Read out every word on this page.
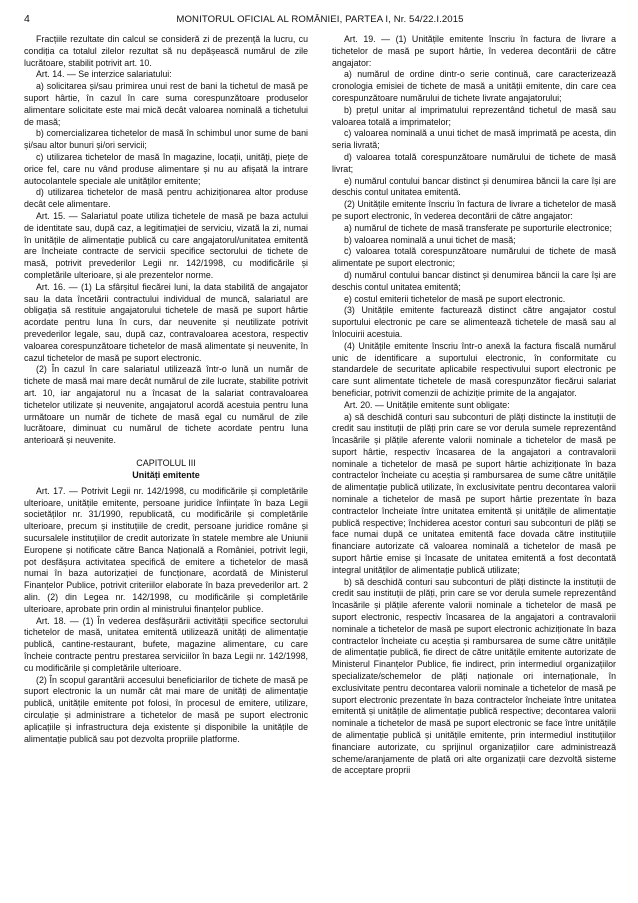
4	MONITORUL OFICIAL AL ROMÂNIEI, PARTEA I, Nr. 54/22.I.2015

Fracțiile rezultate din calcul se consideră zi de prezență la lucru, cu condiția ca totalul zilelor rezultat să nu depășească numărul de zile lucrătoare, stabilit potrivit art. 10.

Art. 14. — Se interzice salariatului:

a) solicitarea și/sau primirea unui rest de bani la tichetul de masă pe suport hârtie, în cazul în care suma corespunzătoare produselor alimentare solicitate este mai mică decât valoarea nominală a tichetului de masă;

b) comercializarea tichetelor de masă în schimbul unor sume de bani și/sau altor bunuri și/ori servicii;

c) utilizarea tichetelor de masă în magazine, locații, unități, piețe de orice fel, care nu vând produse alimentare și nu au afișată la intrare autocolantele speciale ale unităților emitente;

d) utilizarea tichetelor de masă pentru achiziționarea altor produse decât cele alimentare.

Art. 15. — Salariatul poate utiliza tichetele de masă pe baza actului de identitate sau, după caz, a legitimației de serviciu, vizată la zi, numai în unitățile de alimentație publică cu care angajatorul/unitatea emitentă are încheiate contracte de servicii specifice sectorului de tichete de masă, potrivit prevederilor Legii nr. 142/1998, cu modificările și completările ulterioare, și ale prezentelor norme.

Art. 16. — (1) La sfârșitul fiecărei luni, la data stabilită de angajator sau la data încetării contractului individual de muncă, salariatul are obligația să restituie angajatorului tichetele de masă pe suport hârtie acordate pentru luna în curs, dar neuvenite și neutilizate potrivit prevederilor legale, sau, după caz, contravaloarea acestora, respectiv valoarea corespunzătoare tichetelor de masă alimentate și neuvenite, în cazul tichetelor de masă pe suport electronic.

(2) În cazul în care salariatul utilizează într-o lună un număr de tichete de masă mai mare decât numărul de zile lucrate, stabilite potrivit art. 10, iar angajatorul nu a încasat de la salariat contravaloarea tichetelor utilizate și neuvenite, angajatorul acordă acestuia pentru luna următoare un număr de tichete de masă egal cu numărul de zile lucrătoare, diminuat cu numărul de tichete acordate pentru luna anterioară și neuvenite.

CAPITOLUL III
Unități emitente

Art. 17. — Potrivit Legii nr. 142/1998, cu modificările și completările ulterioare, unitățile emitente, persoane juridice înființate în baza Legii societăților nr. 31/1990, republicată, cu modificările și completările ulterioare, precum și instituțiile de credit, persoane juridice române și sucursalele instituțiilor de credit autorizate în statele membre ale Uniunii Europene și notificate către Banca Națională a României, potrivit legii, pot desfășura activitatea specifică de emitere a tichetelor de masă numai în baza autorizației de funcționare, acordată de Ministerul Finanțelor Publice, potrivit criteriilor elaborate în baza prevederilor art. 2 alin. (2) din Legea nr. 142/1998, cu modificările și completările ulterioare, aprobate prin ordin al ministrului finanțelor publice.

Art. 18. — (1) În vederea desfășurării activității specifice sectorului tichetelor de masă, unitatea emitentă utilizează unități de alimentație publică, cantine-restaurant, bufete, magazine alimentare, cu care încheie contracte pentru prestarea serviciilor în baza Legii nr. 142/1998, cu modificările și completările ulterioare.

(2) În scopul garantării accesului beneficiarilor de tichete de masă pe suport electronic la un număr cât mai mare de unități de alimentație publică, unitățile emitente pot folosi, în procesul de emitere, utilizare, circulație și administrare a tichetelor de masă pe suport electronic aplicațiile și infrastructura deja existente și disponibile la unitățile de alimentație publică sau pot dezvolta propriile platforme.

Art. 19. — (1) Unitățile emitente înscriu în factura de livrare a tichetelor de masă pe suport hârtie, în vederea decontării de către angajator:

a) numărul de ordine dintr-o serie continuă, care caracterizează cronologia emisiei de tichete de masă a unității emitente, din care cea corespunzătoare numărului de tichete livrate angajatorului;

b) prețul unitar al imprimatului reprezentând tichetul de masă sau valoarea totală a imprimatelor;

c) valoarea nominală a unui tichet de masă imprimată pe acesta, din seria livrată;

d) valoarea totală corespunzătoare numărului de tichete de masă livrat;

e) numărul contului bancar distinct și denumirea băncii la care își are deschis contul unitatea emitentă.

(2) Unitățile emitente înscriu în factura de livrare a tichetelor de masă pe suport electronic, în vederea decontării de către angajator:

a) numărul de tichete de masă transferate pe suporturile electronice;

b) valoarea nominală a unui tichet de masă;

c) valoarea totală corespunzătoare numărului de tichete de masă alimentate pe suport electronic;

d) numărul contului bancar distinct și denumirea băncii la care își are deschis contul unitatea emitentă;

e) costul emiterii tichetelor de masă pe suport electronic.

(3) Unitățile emitente facturează distinct către angajator costul suportului electronic pe care se alimentează tichetele de masă sau al înlocuirii acestuia.

(4) Unitățile emitente înscriu într-o anexă la factura fiscală numărul unic de identificare a suportului electronic, în conformitate cu standardele de securitate aplicabile respectivului suport electronic pe care sunt alimentate tichetele de masă corespunzător fiecărui salariat beneficiar, potrivit comenzii de achiziție primite de la angajator.

Art. 20. — Unitățile emitente sunt obligate:

a) să deschidă conturi sau subconturi de plăți distincte la instituții de credit sau instituții de plăți prin care se vor derula sumele reprezentând încasările și plățile aferente valorii nominale a tichetelor de masă pe suport hârtie, respectiv încasarea de la angajatori a contravalorii nominale a tichetelor de masă pe suport hârtie achiziționate în baza contractelor încheiate cu aceștia și rambursarea de sume către unitățile de alimentație publică utilizate, în exclusivitate pentru decontarea valorii nominale a tichetelor de masă pe suport hârtie prezentate în baza contractelor încheiate între unitatea emitentă și unitățile de alimentație publică respective; închiderea acestor conturi sau subconturi de plăți se face numai după ce unitatea emitentă face dovada către instituțiile financiare autorizate că valoarea nominală a tichetelor de masă pe suport hârtie emise și încasate de unitatea emitentă a fost decontată integral unităților de alimentație publică utilizate;

b) să deschidă conturi sau subconturi de plăți distincte la instituții de credit sau instituții de plăți, prin care se vor derula sumele reprezentând încasările și plățile aferente valorii nominale a tichetelor de masă pe suport electronic, respectiv încasarea de la angajatori a contravalorii nominale a tichetelor de masă pe suport electronic achiziționate în baza contractelor încheiate cu aceștia și rambursarea de sume către unitățile de alimentație publică, fie direct de către unitățile emitente autorizate de Ministerul Finanțelor Publice, fie indirect, prin intermediul organizațiilor specializate/schemelor de plăți naționale ori internaționale, în exclusivitate pentru decontarea valorii nominale a tichetelor de masă pe suport electronic prezentate în baza contractelor încheiate între unitatea emitentă și unitățile de alimentație publică respective; decontarea valorii nominale a tichetelor de masă pe suport electronic se face între unitățile de alimentație publică și unitățile emitente, prin intermediul instituțiilor financiare autorizate, cu sprijinul organizațiilor care administrează scheme/aranjamente de plată ori alte organizații care dezvoltă sisteme de acceptare propriі
